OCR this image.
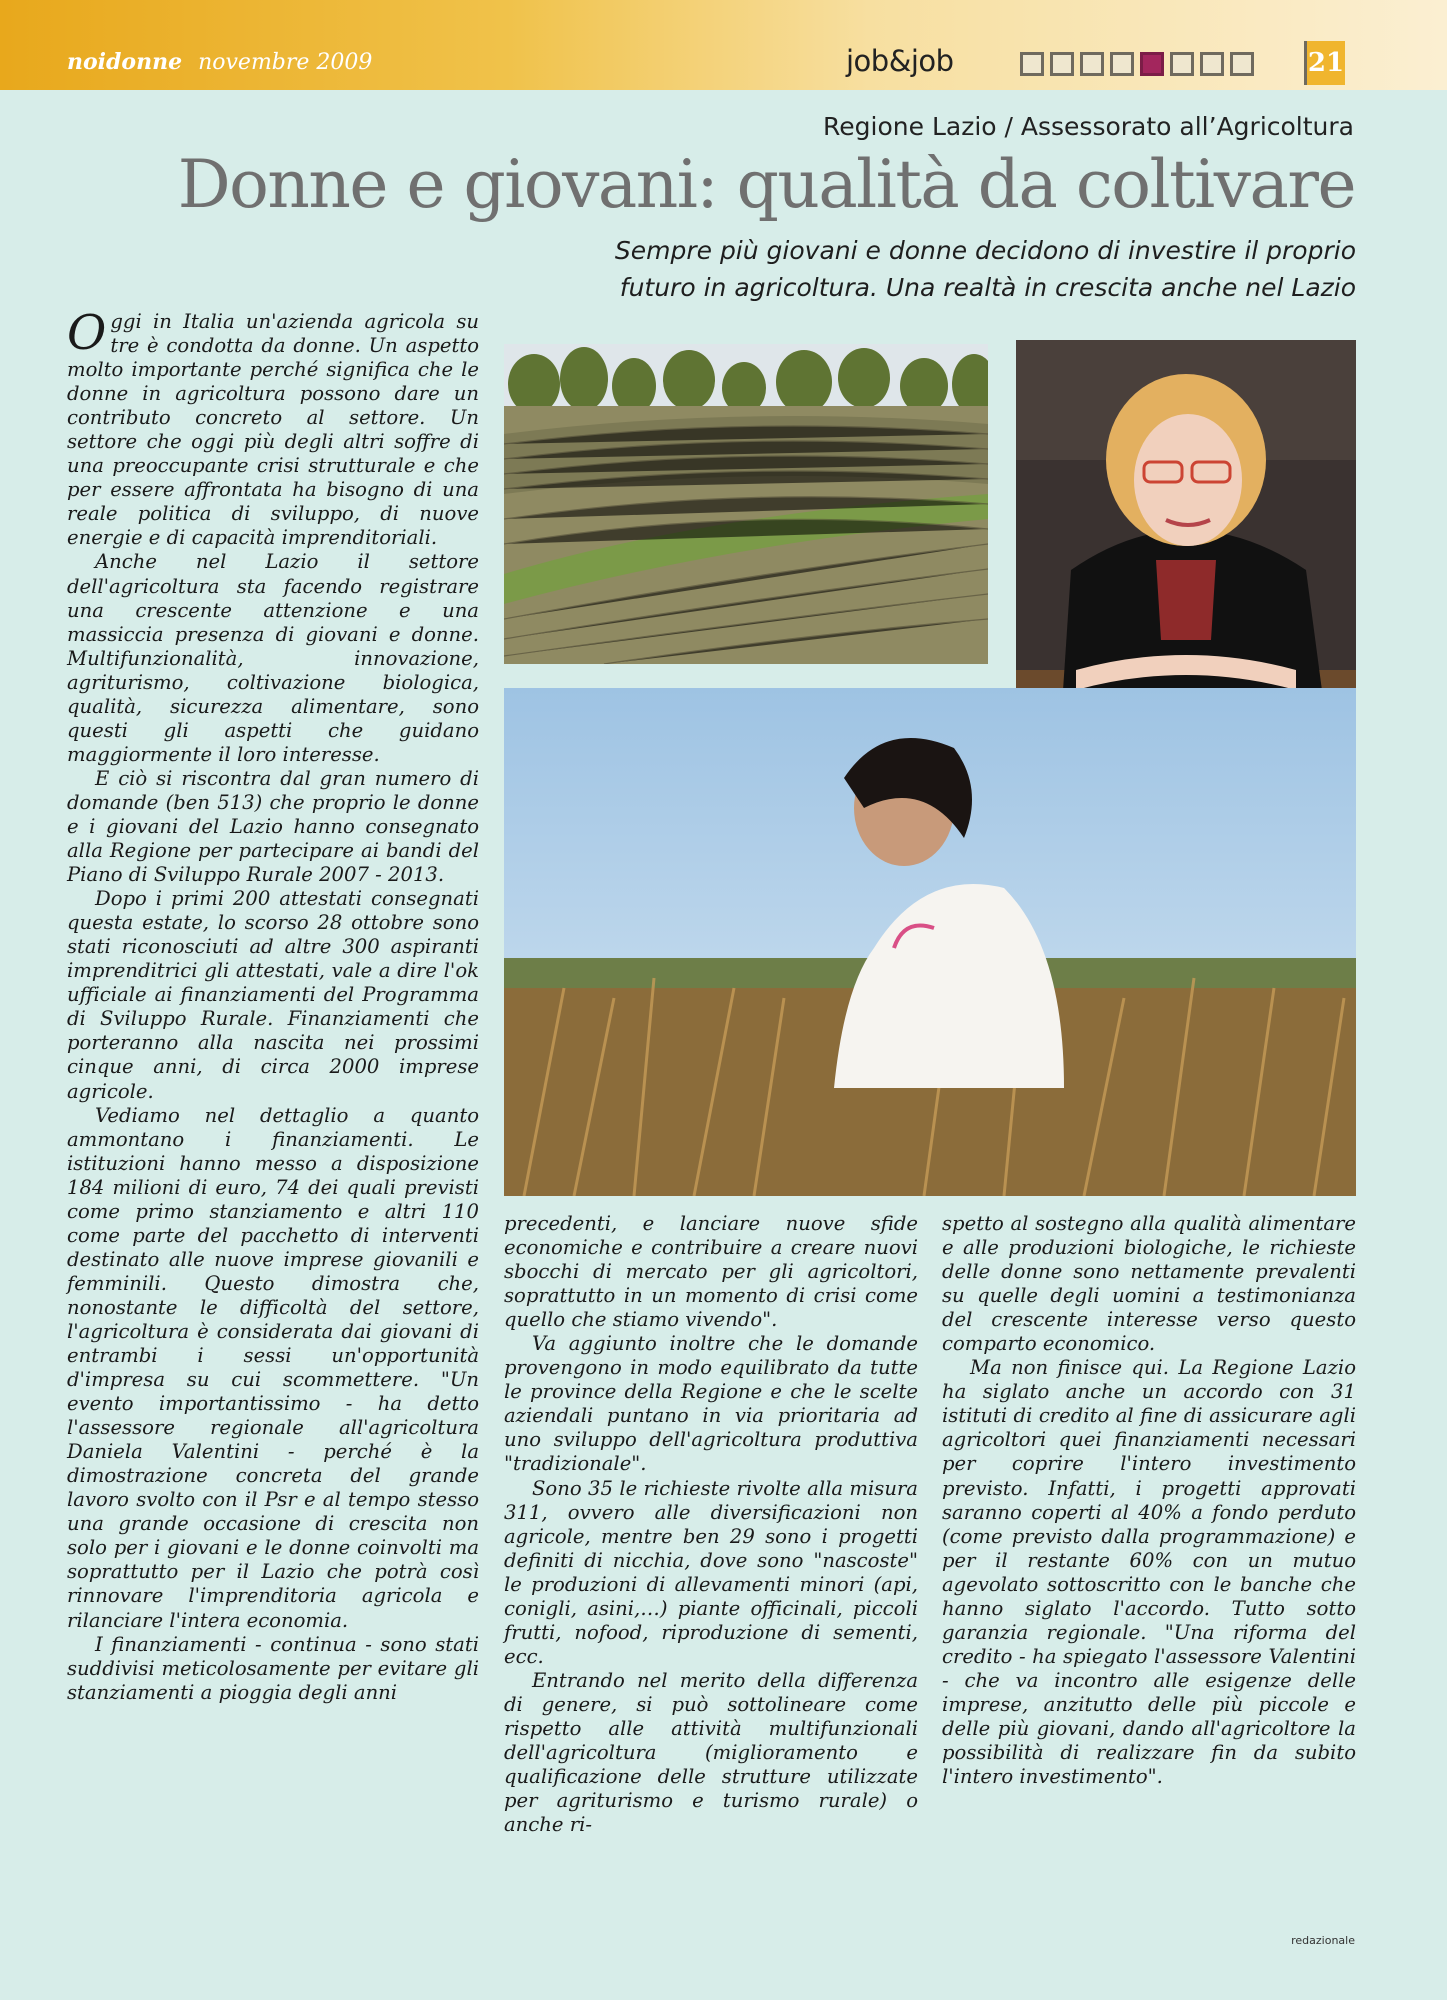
noidonne novembre 2009	job&job	21
Regione Lazio / Assessorato all’Agricoltura
Donne e giovani: qualità da coltivare
Sempre più giovani e donne decidono di investire il proprio futuro in agricoltura. Una realtà in crescita anche nel Lazio

Oggi in Italia un'azienda agricola su tre è condotta da donne. Un aspetto molto importante perché significa che le donne in agricoltura possono dare un contributo concreto al settore. Un settore che oggi più degli altri soffre di una preoccupante crisi strutturale e che per essere affrontata ha bisogno di una reale politica di sviluppo, di nuove energie e di capacità imprenditoriali.

Anche nel Lazio il settore dell'agricoltura sta facendo registrare una crescente attenzione e una massiccia presenza di giovani e donne. Multifunzionalità, innovazione, agriturismo, coltivazione biologica, qualità, sicurezza alimentare, sono questi gli aspetti che guidano maggiormente il loro interesse.

E ciò si riscontra dal gran numero di domande (ben 513) che proprio le donne e i giovani del Lazio hanno consegnato alla Regione per partecipare ai bandi del Piano di Sviluppo Rurale 2007 - 2013.

Dopo i primi 200 attestati consegnati questa estate, lo scorso 28 ottobre sono stati riconosciuti ad altre 300 aspiranti imprenditrici gli attestati, vale a dire l'ok ufficiale ai finanziamenti del Programma di Sviluppo Rurale. Finanziamenti che porteranno alla nascita nei prossimi cinque anni, di circa 2000 imprese agricole.

Vediamo nel dettaglio a quanto ammontano i finanziamenti. Le istituzioni hanno messo a disposizione 184 milioni di euro, 74 dei quali previsti come primo stanziamento e altri 110 come parte del pacchetto di interventi destinato alle nuove imprese giovanili e femminili. Questo dimostra che, nonostante le difficoltà del settore, l'agricoltura è considerata dai giovani di entrambi i sessi un'opportunità d'impresa su cui scommettere. "Un evento importantissimo - ha detto l'assessore regionale all'agricoltura Daniela Valentini - perché è la dimostrazione concreta del grande lavoro svolto con il Psr e al tempo stesso una grande occasione di crescita non solo per i giovani e le donne coinvolti ma soprattutto per il Lazio che potrà così rinnovare l'imprenditoria agricola e rilanciare l'intera economia.

I finanziamenti - continua - sono stati suddivisi meticolosamente per evitare gli stanziamenti a pioggia degli anni

precedenti, e lanciare nuove sfide economiche e contribuire a creare nuovi sbocchi di mercato per gli agricoltori, soprattutto in un momento di crisi come quello che stiamo vivendo".

Va aggiunto inoltre che le domande provengono in modo equilibrato da tutte le province della Regione e che le scelte aziendali puntano in via prioritaria ad uno sviluppo dell'agricoltura produttiva "tradizionale".

Sono 35 le richieste rivolte alla misura 311, ovvero alle diversificazioni non agricole, mentre ben 29 sono i progetti definiti di nicchia, dove sono "nascoste" le produzioni di allevamenti minori (api, conigli, asini,…) piante officinali, piccoli frutti, nofood, riproduzione di sementi, ecc.

Entrando nel merito della differenza di genere, si può sottolineare come rispetto alle attività multifunzionali dell'agricoltura (miglioramento e qualificazione delle strutture utilizzate per agriturismo e turismo rurale) o anche ri-

spetto al sostegno alla qualità alimentare e alle produzioni biologiche, le richieste delle donne sono nettamente prevalenti su quelle degli uomini a testimonianza del crescente interesse verso questo comparto economico.

Ma non finisce qui. La Regione Lazio ha siglato anche un accordo con 31 istituti di credito al fine di assicurare agli agricoltori quei finanziamenti necessari per coprire l'intero investimento previsto. Infatti, i progetti approvati saranno coperti al 40% a fondo perduto (come previsto dalla programmazione) e per il restante 60% con un mutuo agevolato sottoscritto con le banche che hanno siglato l'accordo. Tutto sotto garanzia regionale. "Una riforma del credito - ha spiegato l'assessore Valentini - che va incontro alle esigenze delle imprese, anzitutto delle più piccole e delle più giovani, dando all'agricoltore la possibilità di realizzare fin da subito l'intero investimento".

redazionale
